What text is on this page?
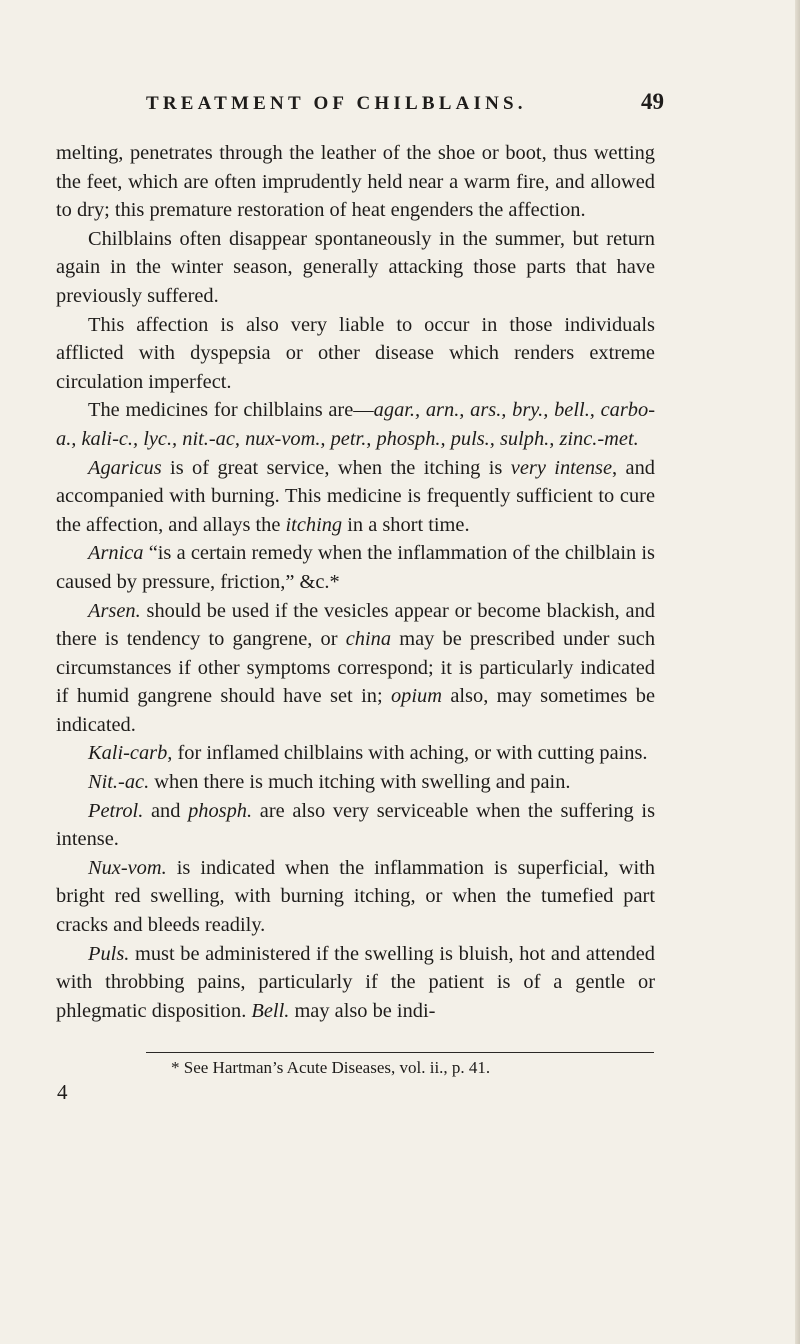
TREATMENT OF CHILBLAINS.	49

melting, penetrates through the leather of the shoe or boot, thus wetting the feet, which are often imprudently held near a warm fire, and allowed to dry; this premature restoration of heat engenders the affection.

Chilblains often disappear spontaneously in the summer, but return again in the winter season, generally attacking those parts that have previously suffered.

This affection is also very liable to occur in those individuals afflicted with dyspepsia or other disease which renders extreme circulation imperfect.

The medicines for chilblains are—agar., arn., ars., bry., bell., carbo-a., kali-c., lyc., nit.-ac, nux-vom., petr., phosph., puls., sulph., zinc.-met.

Agaricus is of great service, when the itching is very intense, and accompanied with burning. This medicine is frequently sufficient to cure the affection, and allays the itching in a short time.

Arnica “is a certain remedy when the inflammation of the chilblain is caused by pressure, friction,” &c.*

Arsen. should be used if the vesicles appear or become blackish, and there is tendency to gangrene, or china may be prescribed under such circumstances if other symptoms correspond; it is particularly indicated if humid gangrene should have set in; opium also, may sometimes be indicated.

Kali-carb, for inflamed chilblains with aching, or with cutting pains.

Nit.-ac. when there is much itching with swelling and pain.

Petrol. and phosph. are also very serviceable when the suffering is intense.

Nux-vom. is indicated when the inflammation is superficial, with bright red swelling, with burning itching, or when the tumefied part cracks and bleeds readily.

Puls. must be administered if the swelling is bluish, hot and attended with throbbing pains, particularly if the patient is of a gentle or phlegmatic disposition. Bell. may also be indi-

* See Hartman’s Acute Diseases, vol. ii., p. 41.
4
